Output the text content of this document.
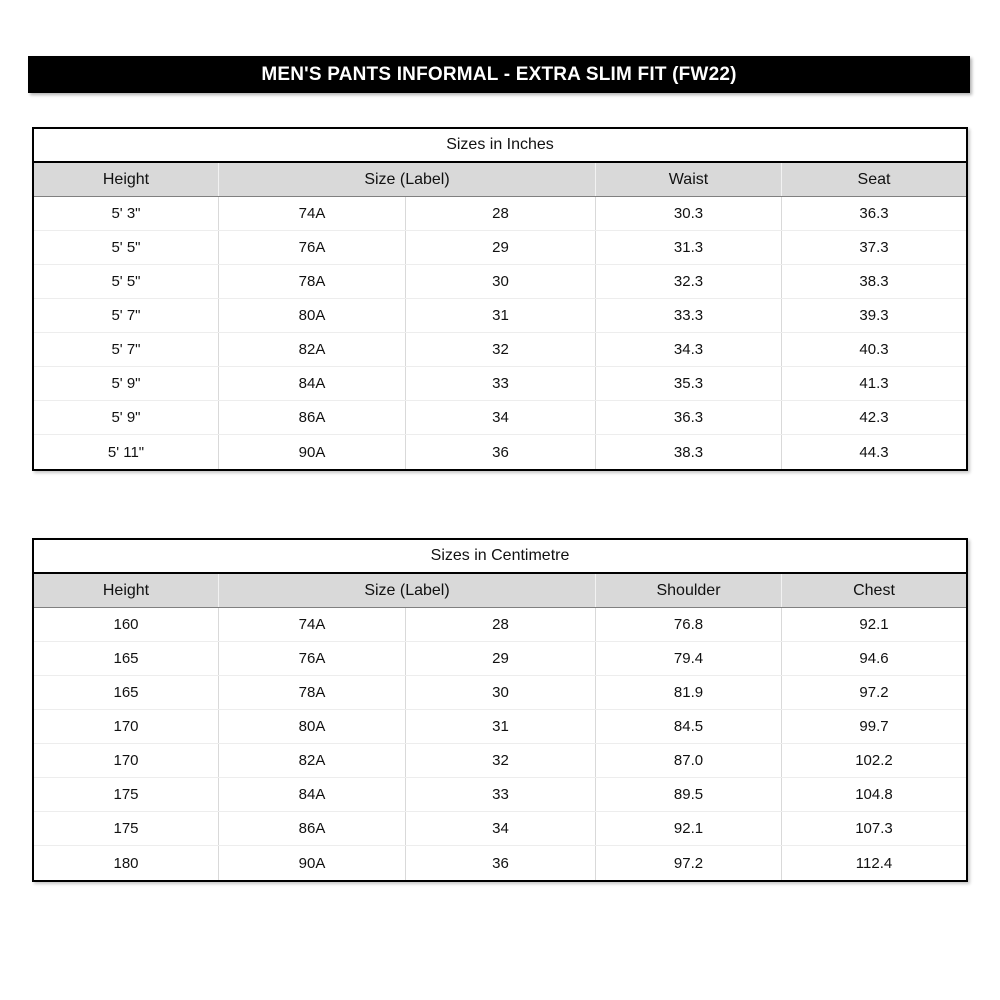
MEN'S PANTS INFORMAL - EXTRA SLIM FIT (FW22)
Sizes in Inches
Height	Size (Label)	Waist	Seat
5' 3"	74A	28	30.3	36.3
5' 5"	76A	29	31.3	37.3
5' 5"	78A	30	32.3	38.3
5' 7"	80A	31	33.3	39.3
5' 7"	82A	32	34.3	40.3
5' 9"	84A	33	35.3	41.3
5' 9"	86A	34	36.3	42.3
5' 11"	90A	36	38.3	44.3
Sizes in Centimetre
Height	Size (Label)	Shoulder	Chest
160	74A	28	76.8	92.1
165	76A	29	79.4	94.6
165	78A	30	81.9	97.2
170	80A	31	84.5	99.7
170	82A	32	87.0	102.2
175	84A	33	89.5	104.8
175	86A	34	92.1	107.3
180	90A	36	97.2	112.4
